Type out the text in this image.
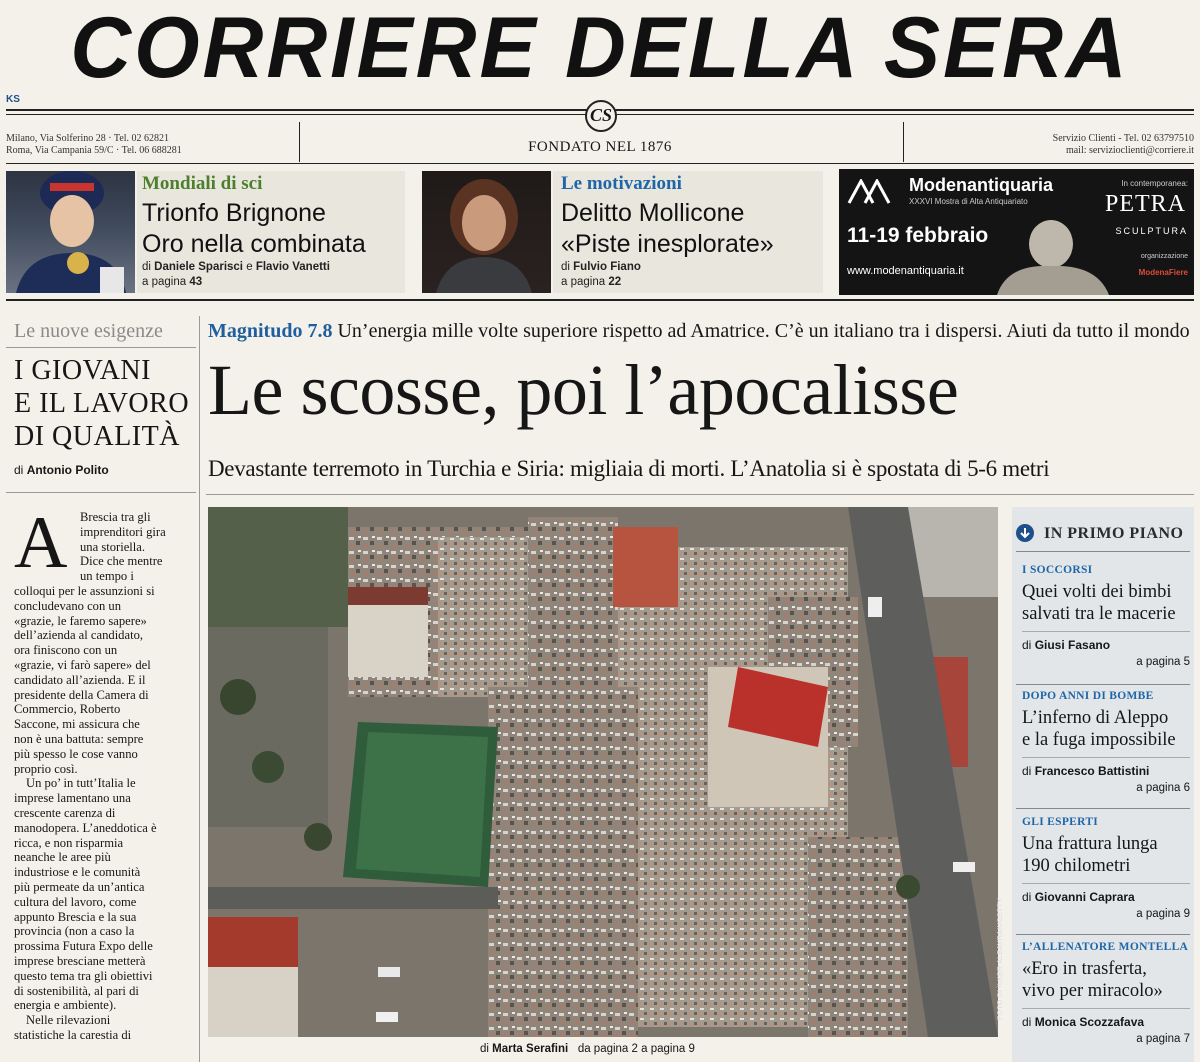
CORRIERE DELLA SERA
KS
CS
Milano, Via Solferino 28 · Tel. 02 62821
Roma, Via Campania 59/C · Tel. 06 688281	FONDATO NEL 1876
Servizio Clienti - Tel. 02 63797510
mail: servizioclienti@corriere.it
Mondiali di sci
Trionfo Brignone
Oro nella combinata
di Daniele Sparisci e Flavio Vanetti
a pagina 43
Le motivazioni
Delitto Mollicone
«Piste inesplorate»
di Fulvio Fiano
a pagina 22
Modenantiquaria
XXXVI Mostra di Alta Antiquariato
11-19 febbraio
www.modenantiquaria.it
In contemporanea:
PETRA
SCULPTURA
organizzazione
ModenaFiere
Le nuove esigenze
I GIOVANI
E IL LAVORO
DI QUALITÀ
di Antonio Polito
A Brescia tra gli
imprenditori gira
una storiella.
Dice che mentre
un tempo i
colloqui per le assunzioni si
concludevano con un
«grazie, le faremo sapere»
dell’azienda al candidato,
ora finiscono con un
«grazie, vi farò sapere» del
candidato all’azienda. E il
presidente della Camera di
Commercio, Roberto
Saccone, mi assicura che
non è una battuta: sempre
più spesso le cose vanno
proprio così.
Un po’ in tutt’Italia le
imprese lamentano una
crescente carenza di
manodopera. L’aneddotica è
ricca, e non risparmia
neanche le aree più
industriose e le comunità
più permeate da un’antica
cultura del lavoro, come
appunto Brescia e la sua
provincia (non a caso la
prossima Futura Expo delle
imprese bresciane metterà
questo tema tra gli obiettivi
di sostenibilità, al pari di
energia e ambiente).
Nelle rilevazioni
statistiche la carestia di
Magnitudo 7.8 Un’energia mille volte superiore rispetto ad Amatrice. C’è un italiano tra i dispersi. Aiuti da tutto il mondo
Le scosse, poi l’apocalisse
Devastante terremoto in Turchia e Siria: migliaia di morti. L’Anatolia si è spostata di 5-6 metri
FOTO DI ILKER ALBAYRAK/GETTY
di Marta Serafini da pagina 2 a pagina 9
IN PRIMO PIANO
I SOCCORSI
Quei volti dei bimbi
salvati tra le macerie
di Giusi Fasano
a pagina 5
DOPO ANNI DI BOMBE
L’inferno di Aleppo
e la fuga impossibile
di Francesco Battistini
a pagina 6
GLI ESPERTI
Una frattura lunga
190 chilometri
di Giovanni Caprara
a pagina 9
L’ALLENATORE MONTELLA
«Ero in trasferta,
vivo per miracolo»
di Monica Scozzafava
a pagina 7
